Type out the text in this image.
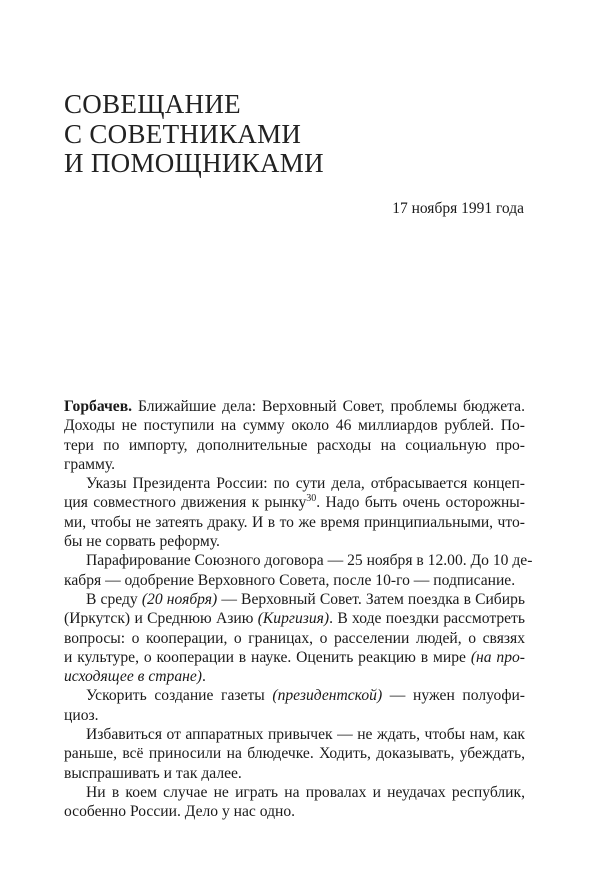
СОВЕЩАНИЕ
С СОВЕТНИКАМИ
И ПОМОЩНИКАМИ
17 ноября 1991 года
Горбачев. Ближайшие дела: Верховный Совет, проблемы бюджета.
Доходы не поступили на сумму около 46 миллиардов рублей. По-
тери по импорту, дополнительные расходы на социальную про-
грамму.
Указы Президента России: по сути дела, отбрасывается концеп-
ция совместного движения к рынку$^{30}$. Надо быть очень осторожны-
ми, чтобы не затеять драку. И в то же время принципиальными, что-
бы не сорвать реформу.
Парафирование Союзного договора — 25 ноября в 12.00. До 10 де-
кабря — одобрение Верховного Совета, после 10-го — подписание.
В среду (20 ноября) — Верховный Совет. Затем поездка в Сибирь
(Иркутск) и Среднюю Азию (Киргизия). В ходе поездки рассмотреть
вопросы: о кооперации, о границах, о расселении людей, о связях
и культуре, о кооперации в науке. Оценить реакцию в мире (на про-
исходящее в стране).
Ускорить создание газеты (президентской) — нужен полуофи-
циоз.
Избавиться от аппаратных привычек — не ждать, чтобы нам, как
раньше, всё приносили на блюдечке. Ходить, доказывать, убеждать,
выспрашивать и так далее.
Ни в коем случае не играть на провалах и неудачах республик,
особенно России. Дело у нас одно.
